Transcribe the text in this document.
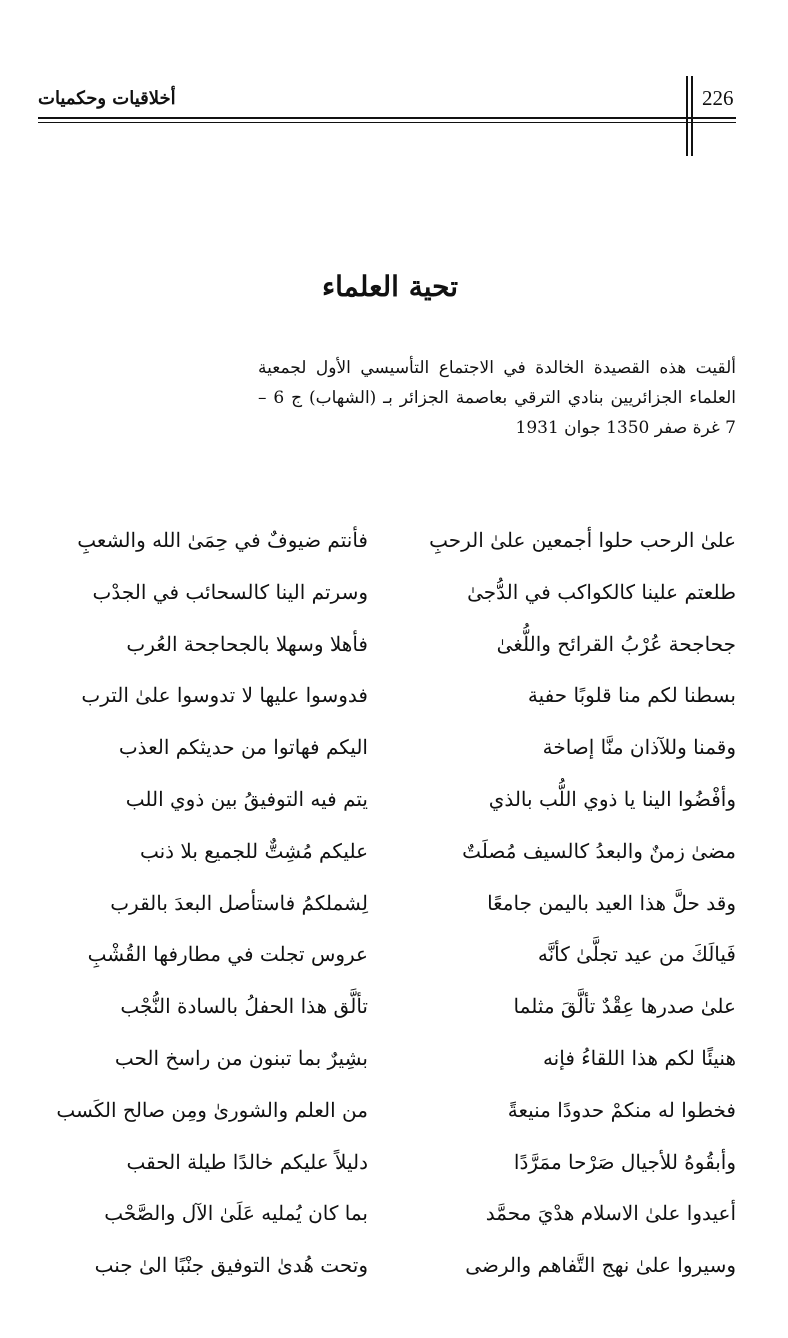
226
أخلاقيات وحكميات
تحية العلماء

ألقيت هذه القصيدة الخالدة في الاجتماع التأسيسي الأول لجمعية العلماء الجزائريين بنادي الترقي بعاصمة الجزائر بـ (الشهاب) ج 6 – 7 غرة صفر 1350 جوان 1931

علىٰ الرحب حلوا أجمعين علىٰ الرحبِ
فأنتم ضيوفٌ في حِمَىٰ الله والشعبِ
طلعتم علينا كالكواكب في الدُّجىٰ
وسرتم الينا كالسحائب في الجدْب
جحاجحة عُرْبُ القرائح واللُّغىٰ
فأهلا وسهلا بالجحاجحة العُرب
بسطنا لكم منا قلوبًا حفية
فدوسوا عليها لا تدوسوا علىٰ الترب
وقمنا وللآذان منَّا إصاخة
اليكم فهاتوا من حديثكم العذب
وأفْضُوا الينا يا ذوي اللُّب بالذي
يتم فيه التوفيقُ بين ذوي اللب
مضىٰ زمنٌ والبعدُ كالسيف مُصلَتٌ
عليكم مُشِتٌّ للجميع بلا ذنب
وقد حلَّ هذا العيد باليمن جامعًا
لِشملكمُ فاستأصل البعدَ بالقرب
فَيالَكَ من عيد تجلَّىٰ كأنَّه
عروس تجلت في مطارفها القُشْبِ
علىٰ صدرها عِقْدٌ تألَّقَ مثلما
تألَّق هذا الحفلُ بالسادة النُّجْب
هنيئًا لكم هذا اللقاءُ فإنه
بشِيرٌ بما تبنون من راسخ الحب
فخطوا له منكمْ حدودًا منيعةً
من العلم والشورىٰ ومِن صالح الكَسب
وأبقُوهُ للأجيال صَرْحا ممَرَّدًا
دليلاً عليكم خالدًا طيلة الحقب
أعيدوا علىٰ الاسلام هدْيَ محمَّد
بما كان يُمليه عَلَىٰ الآل والصَّحْب
وسيروا علىٰ نهج التَّفاهم والرضى
وتحت هُدىٰ التوفيق جنْبًا الىٰ جنب
